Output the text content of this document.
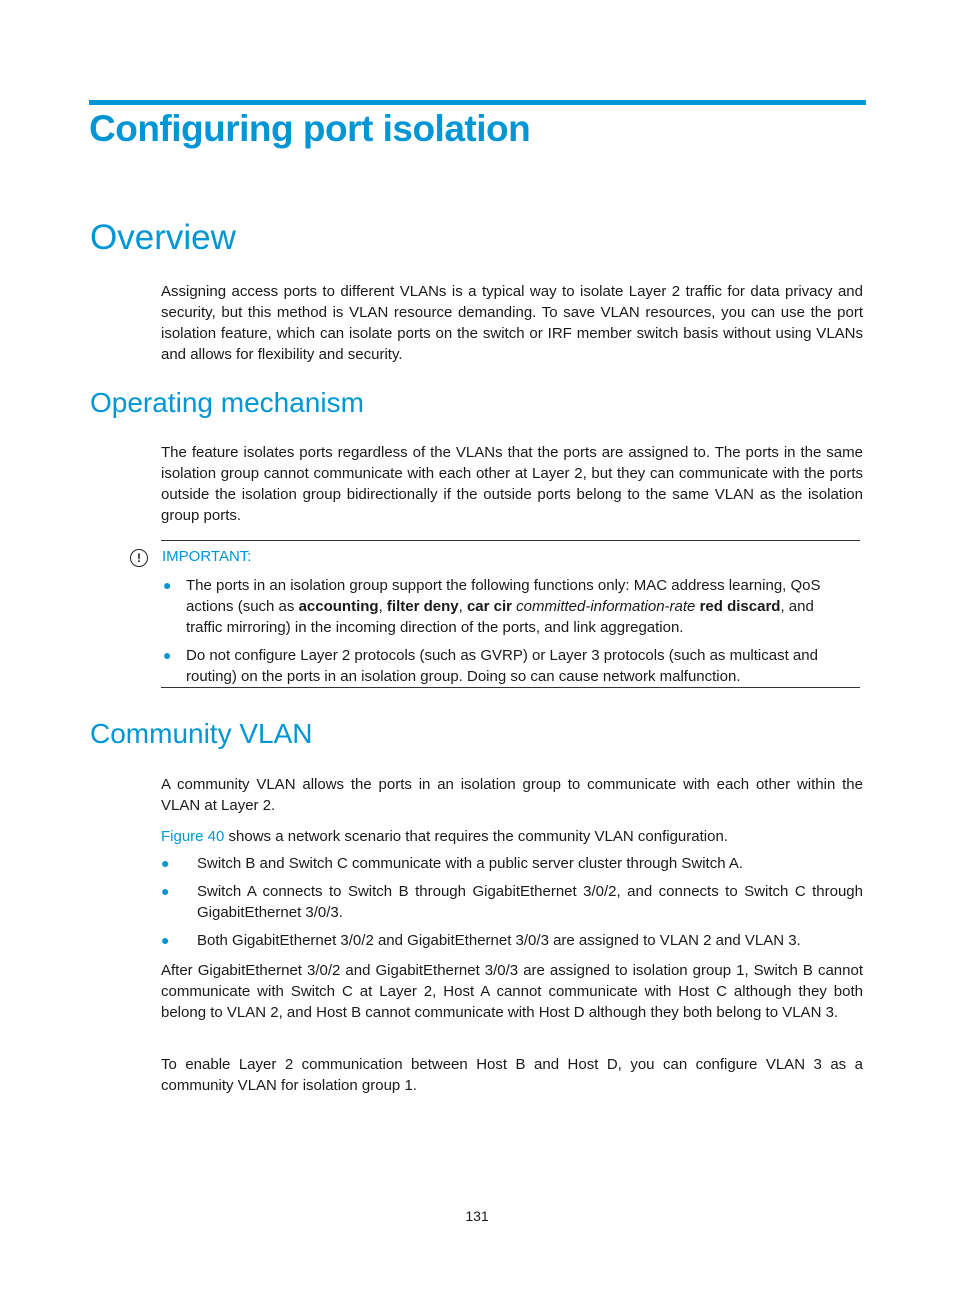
Configuring port isolation
Overview

Assigning access ports to different VLANs is a typical way to isolate Layer 2 traffic for data privacy and security, but this method is VLAN resource demanding. To save VLAN resources, you can use the port isolation feature, which can isolate ports on the switch or IRF member switch basis without using VLANs and allows for flexibility and security.

Operating mechanism

The feature isolates ports regardless of the VLANs that the ports are assigned to. The ports in the same isolation group cannot communicate with each other at Layer 2, but they can communicate with the ports outside the isolation group bidirectionally if the outside ports belong to the same VLAN as the isolation group ports.

!	IMPORTANT:
● The ports in an isolation group support the following functions only: MAC address learning, QoS actions (such as accounting, filter deny, car cir committed-information-rate red discard, and traffic mirroring) in the incoming direction of the ports, and link aggregation.
● Do not configure Layer 2 protocols (such as GVRP) or Layer 3 protocols (such as multicast and routing) on the ports in an isolation group. Doing so can cause network malfunction.
Community VLAN

A community VLAN allows the ports in an isolation group to communicate with each other within the VLAN at Layer 2.

Figure 40 shows a network scenario that requires the community VLAN configuration.

● Switch B and Switch C communicate with a public server cluster through Switch A.
● Switch A connects to Switch B through GigabitEthernet 3/0/2, and connects to Switch C through GigabitEthernet 3/0/3.
● Both GigabitEthernet 3/0/2 and GigabitEthernet 3/0/3 are assigned to VLAN 2 and VLAN 3.

After GigabitEthernet 3/0/2 and GigabitEthernet 3/0/3 are assigned to isolation group 1, Switch B cannot communicate with Switch C at Layer 2, Host A cannot communicate with Host C although they both belong to VLAN 2, and Host B cannot communicate with Host D although they both belong to VLAN 3.

To enable Layer 2 communication between Host B and Host D, you can configure VLAN 3 as a community VLAN for isolation group 1.

131
